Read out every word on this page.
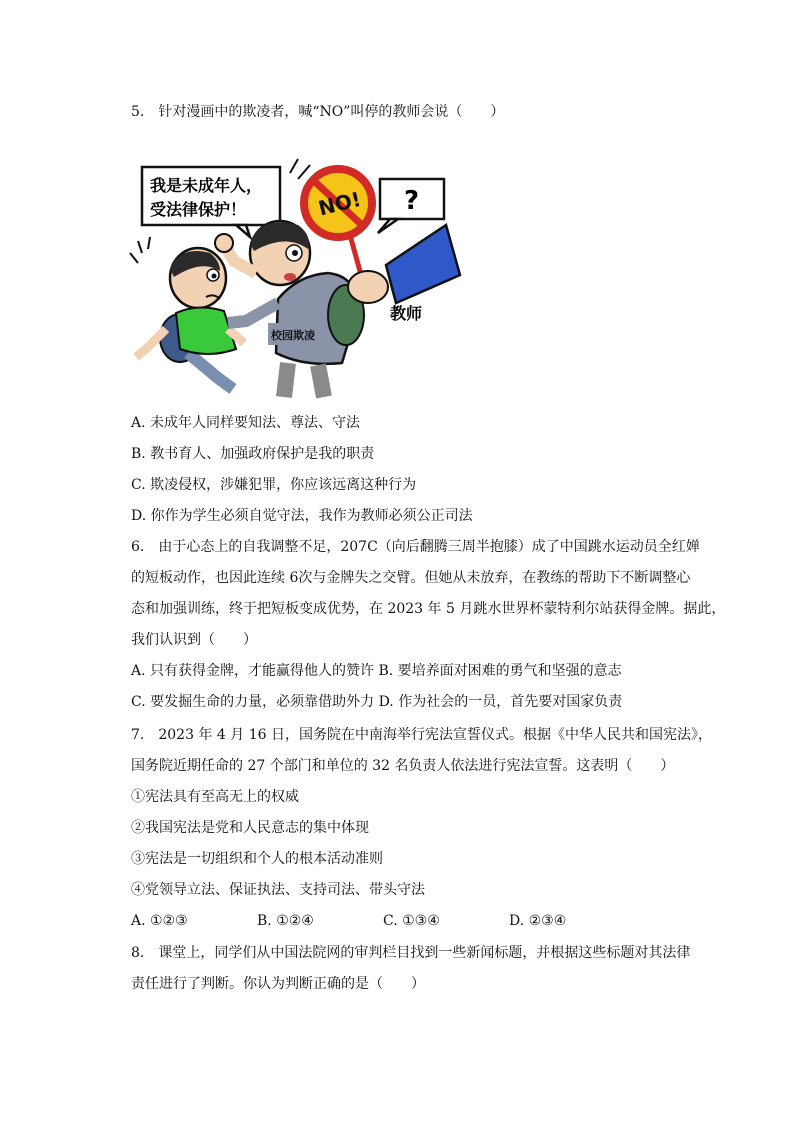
5.　针对漫画中的欺凌者，喊“NO”叫停的教师会说（　　）
我是未成年人，
受法律保护！
校园欺凌
NO! ?
教师
A. 未成年人同样要知法、尊法、守法
B. 教书育人、加强政府保护是我的职责
C. 欺凌侵权，涉嫌犯罪，你应该远离这种行为
D. 你作为学生必须自觉守法，我作为教师必须公正司法
6.　由于心态上的自我调整不足，207C（向后翻腾三周半抱膝）成了中国跳水运动员全红婵
的短板动作，也因此连续 6次与金牌失之交臂。但她从未放弃，在教练的帮助下不断调整心
态和加强训练，终于把短板变成优势，在 2023 年 5 月跳水世界杯蒙特利尔站获得金牌。据此，
我们认识到（　　）
A. 只有获得金牌，才能赢得他人的赞许 B. 要培养面对困难的勇气和坚强的意志
C. 要发掘生命的力量，必须靠借助外力 D. 作为社会的一员，首先要对国家负责
7.　2023 年 4 月 16 日，国务院在中南海举行宪法宣誓仪式。根据《中华人民共和国宪法》，
国务院近期任命的 27 个部门和单位的 32 名负责人依法进行宪法宣誓。这表明（　　）
①宪法具有至高无上的权威
②我国宪法是党和人民意志的集中体现
③宪法是一切组织和个人的根本活动准则
④党领导立法、保证执法、支持司法、带头守法
A. ①②③	B. ①②④	C. ①③④	D. ②③④
8.　课堂上，同学们从中国法院网的审判栏目找到一些新闻标题，并根据这些标题对其法律
责任进行了判断。你认为判断正确的是（　　）
